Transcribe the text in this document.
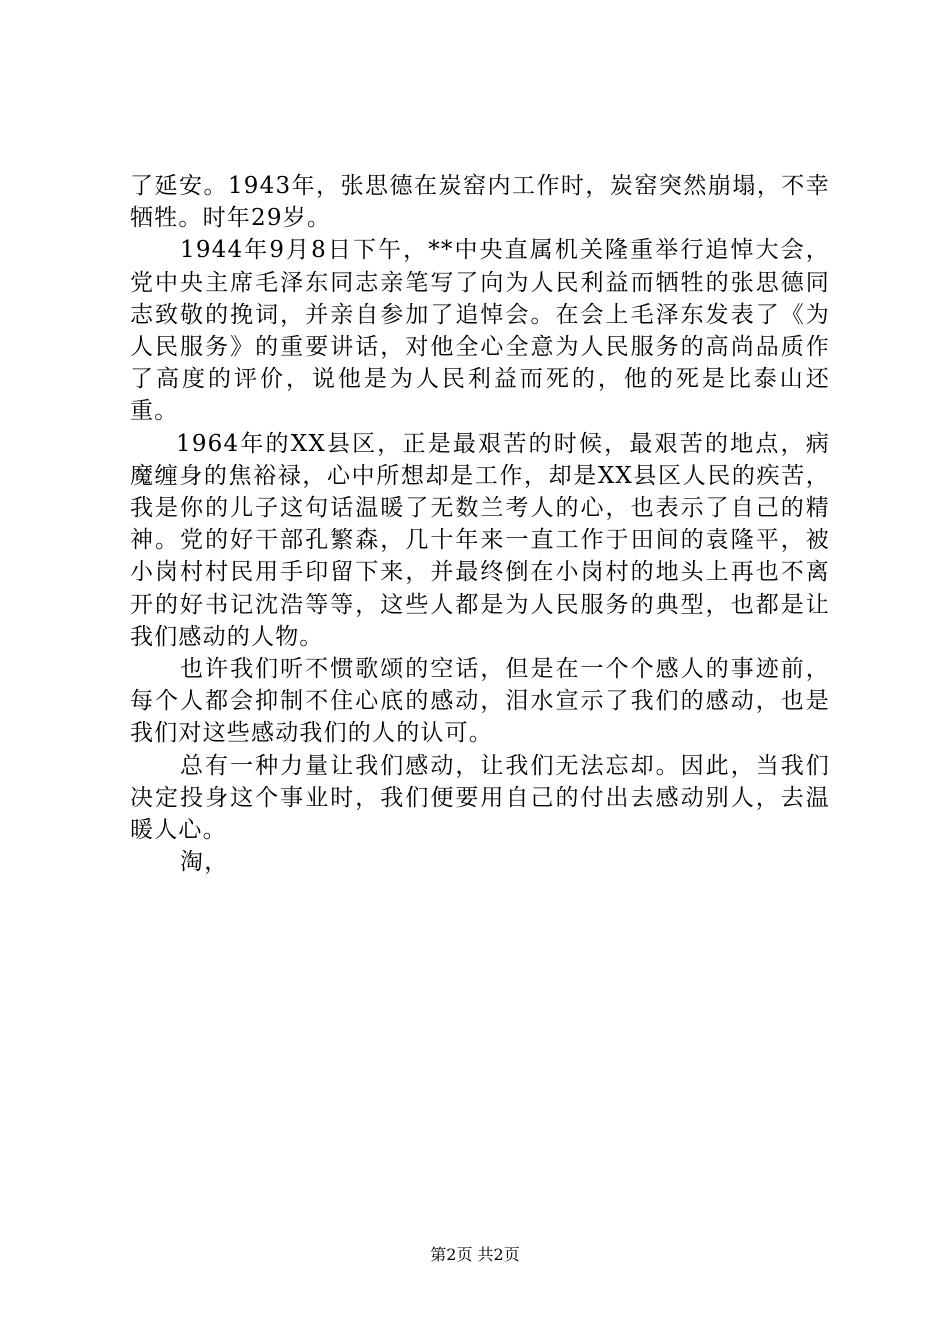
了延安。1943年，张思德在炭窑内工作时，炭窑突然崩塌，不幸牺牲。时年29岁。

1944年9月8日下午，**中央直属机关隆重举行追悼大会，党中央主席毛泽东同志亲笔写了向为人民利益而牺牲的张思德同志致敬的挽词，并亲自参加了追悼会。在会上毛泽东发表了《为人民服务》的重要讲话，对他全心全意为人民服务的高尚品质作了高度的评价，说他是为人民利益而死的，他的死是比泰山还重。

1964年的XX县区，正是最艰苦的时候，最艰苦的地点，病魔缠身的焦裕禄，心中所想却是工作，却是XX县区人民的疾苦，我是你的儿子这句话温暖了无数兰考人的心，也表示了自己的精神。党的好干部孔繁森，几十年来一直工作于田间的袁隆平，被小岗村村民用手印留下来，并最终倒在小岗村的地头上再也不离开的好书记沈浩等等，这些人都是为人民服务的典型，也都是让我们感动的人物。

也许我们听不惯歌颂的空话，但是在一个个感人的事迹前，每个人都会抑制不住心底的感动，泪水宣示了我们的感动，也是我们对这些感动我们的人的认可。

总有一种力量让我们感动，让我们无法忘却。因此，当我们决定投身这个事业时，我们便要用自己的付出去感动别人，去温暖人心。

淘，

第2页 共2页
